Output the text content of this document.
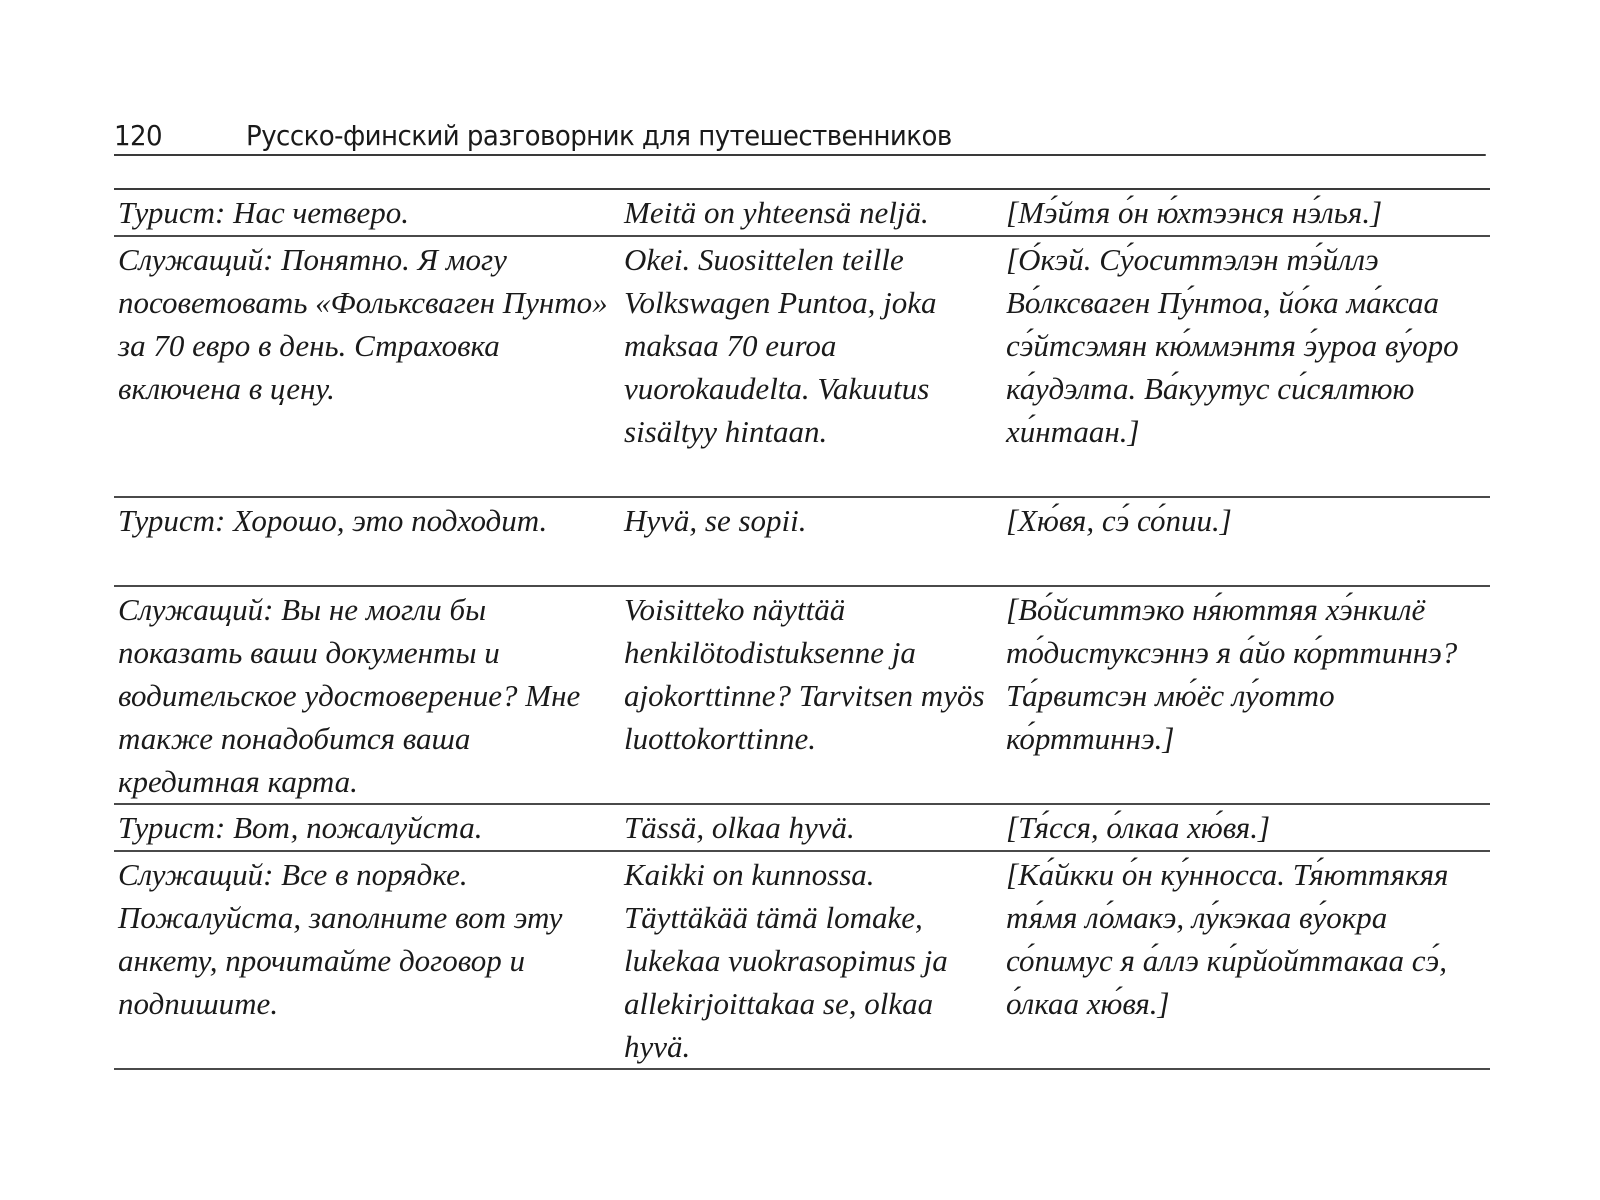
120	Русско-финский разговорник для путешественников
Турист: Нас четверо.	Meitä on yhteensä neljä.	[Мэ́йтя о́н ю́хтээнся нэ́лья.]
Служащий: Понятно. Я могу посоветовать «Фольксваген Пунто» за 70 евро в день. Страховка включена в цену.	Okei. Suosittelen teille Volkswagen Puntoa, joka maksaa 70 euroa vuorokaudelta. Vakuutus sisältyy hintaan.	[О́кэй. Су́оситтэлэн тэ́йллэ Во́лксваген Пу́нтоа, йо́ка ма́ксаа сэ́йтсэмян кю́ммэнтя э́уроа ву́оро ка́удэлта. Ва́куутус си́сялтюю хи́нтаан.]
Турист: Хорошо, это подходит.	Hyvä, se sopii.	[Хю́вя, сэ́ со́пии.]
Служащий: Вы не могли бы показать ваши документы и водительское удостоверение? Мне также понадобится ваша кредитная карта.	Voisitteko näyttää henkilötodistuksenne ja ajokorttinne? Tarvitsen myös luottokorttinne.	[Во́йситтэко ня́юттяя хэ́нкилё то́дистуксэннэ я а́йо ко́рттиннэ? Та́рвитсэн мю́ёс лу́отто ко́рттиннэ.]
Турист: Вот, пожалуйста.	Tässä, olkaa hyvä.	[Тя́сся, о́лкаа хю́вя.]
Служащий: Все в порядке. Пожалуйста, заполните вот эту анкету, прочитайте договор и подпишите.	Kaikki on kunnossa. Täyttäkää tämä lomake, lukekaa vuokrasopimus ja allekirjoittakaa se, olkaa hyvä.	[Ка́йкки о́н ку́нносса. Тя́юттякяя тя́мя ло́макэ, лу́кэкаа ву́окра со́пимус я а́ллэ ки́рйойттакаа сэ́, о́лкаа хю́вя.]
